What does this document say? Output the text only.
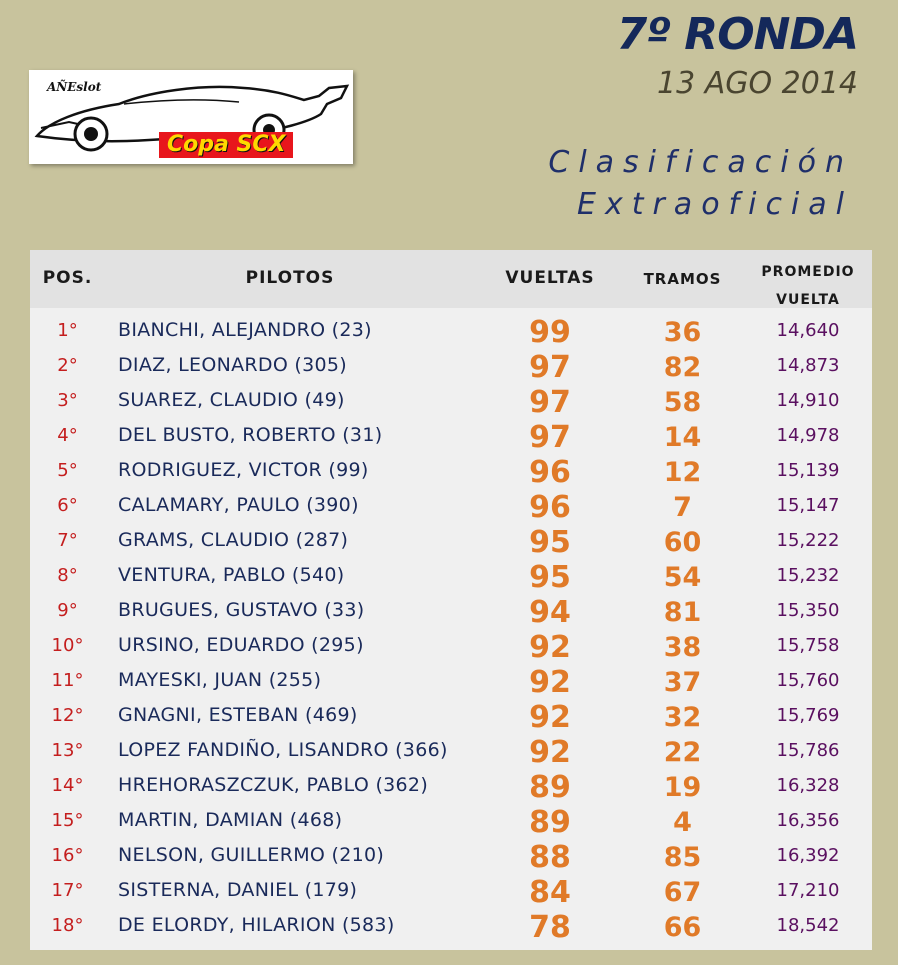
7º RONDA
13 AGO 2014
Clasificación
Extraoficial
AÑEslot
Copa SCX
POS.	PILOTOS	VUELTAS	TRAMOS	PROMEDIO
VUELTA
1°	BIANCHI, ALEJANDRO (23)	99	36	14,640
2°	DIAZ, LEONARDO (305)	97	82	14,873
3°	SUAREZ, CLAUDIO (49)	97	58	14,910
4°	DEL BUSTO, ROBERTO (31)	97	14	14,978
5°	RODRIGUEZ, VICTOR (99)	96	12	15,139
6°	CALAMARY, PAULO (390)	96	7	15,147
7°	GRAMS, CLAUDIO (287)	95	60	15,222
8°	VENTURA, PABLO (540)	95	54	15,232
9°	BRUGUES, GUSTAVO (33)	94	81	15,350
10°	URSINO, EDUARDO (295)	92	38	15,758
11°	MAYESKI, JUAN (255)	92	37	15,760
12°	GNAGNI, ESTEBAN (469)	92	32	15,769
13°	LOPEZ FANDIÑO, LISANDRO (366)	92	22	15,786
14°	HREHORASZCZUK, PABLO (362)	89	19	16,328
15°	MARTIN, DAMIAN (468)	89	4	16,356
16°	NELSON, GUILLERMO (210)	88	85	16,392
17°	SISTERNA, DANIEL (179)	84	67	17,210
18°	DE ELORDY, HILARION (583)	78	66	18,542
